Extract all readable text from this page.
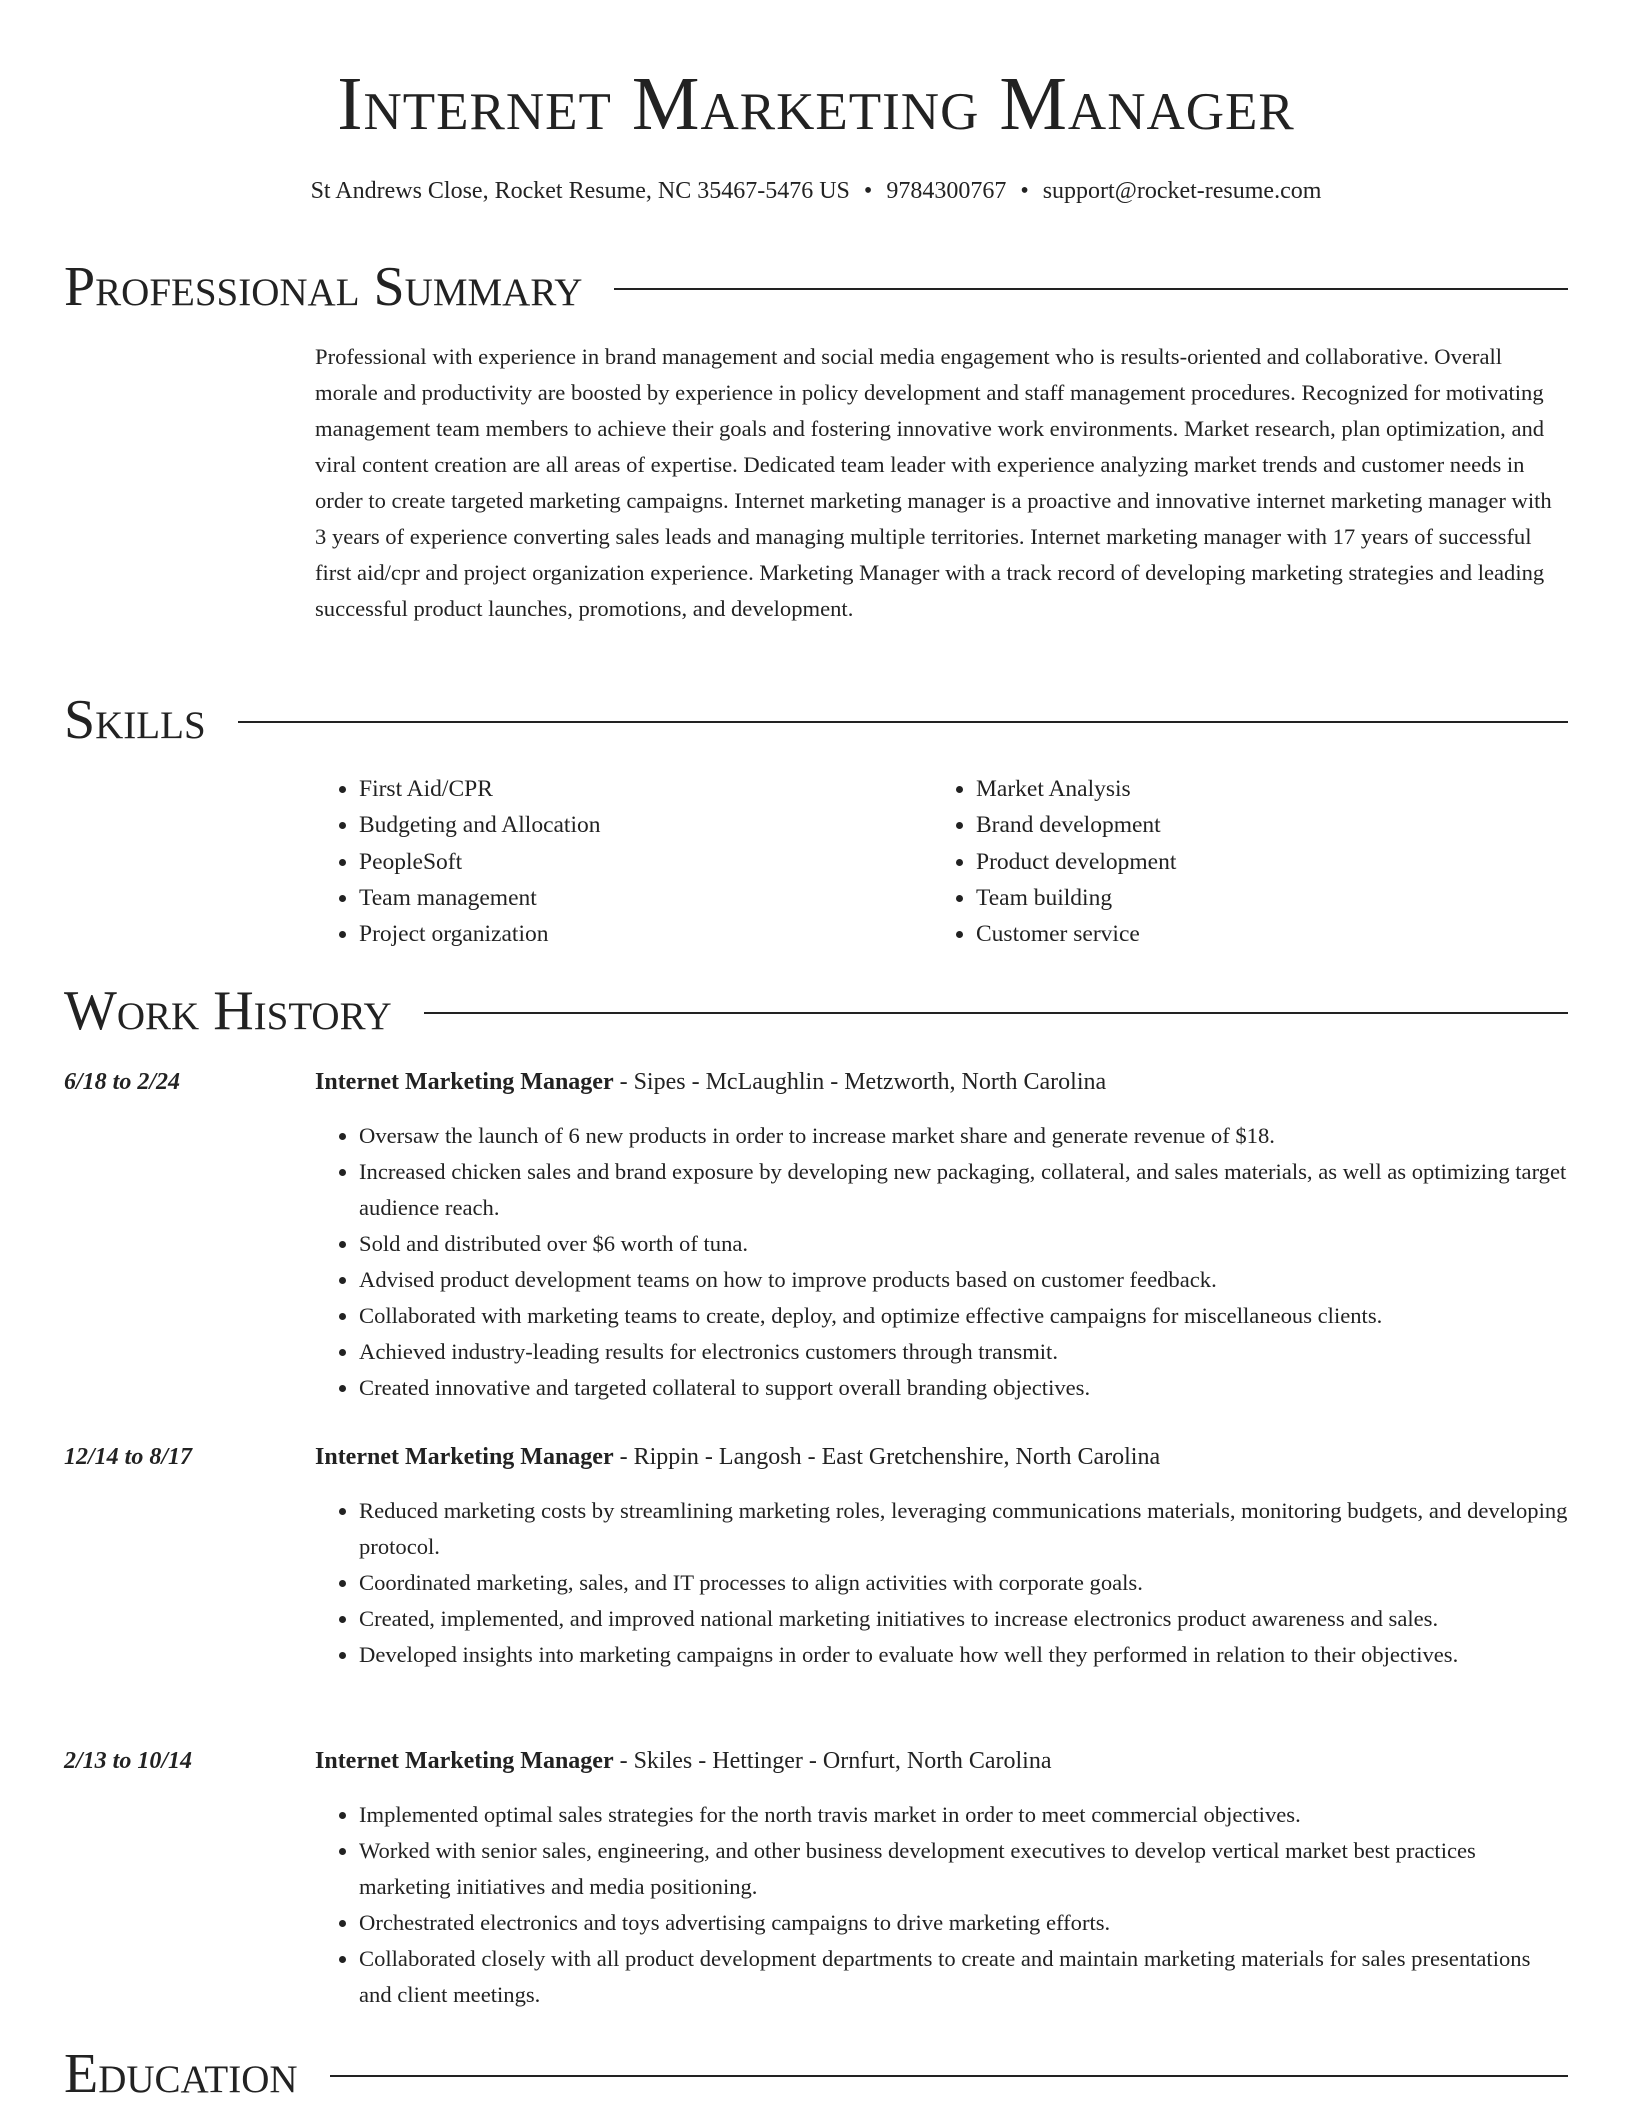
Internet Marketing Manager
St Andrews Close, Rocket Resume, NC 35467-5476 US • 9784300767 • support@rocket-resume.com
Professional Summary

Professional with experience in brand management and social media engagement who is results-oriented and collaborative. Overall morale and productivity are boosted by experience in policy development and staff management procedures. Recognized for motivating management team members to achieve their goals and fostering innovative work environments. Market research, plan optimization, and viral content creation are all areas of expertise. Dedicated team leader with experience analyzing market trends and customer needs in order to create targeted marketing campaigns. Internet marketing manager is a proactive and innovative internet marketing manager with 3 years of experience converting sales leads and managing multiple territories. Internet marketing manager with 17 years of successful first aid/cpr and project organization experience. Marketing Manager with a track record of developing marketing strategies and leading successful product launches, promotions, and development.

Skills
• First Aid/CPR
• Budgeting and Allocation
• PeopleSoft
• Team management
• Project organization
• Market Analysis
• Brand development
• Product development
• Team building
• Customer service
Work History
6/18 to 2/24	Internet Marketing Manager - Sipes - McLaughlin - Metzworth, North Carolina
• Oversaw the launch of 6 new products in order to increase market share and generate revenue of $18.
• Increased chicken sales and brand exposure by developing new packaging, collateral, and sales materials, as well as optimizing target audience reach.
• Sold and distributed over $6 worth of tuna.
• Advised product development teams on how to improve products based on customer feedback.
• Collaborated with marketing teams to create, deploy, and optimize effective campaigns for miscellaneous clients.
• Achieved industry-leading results for electronics customers through transmit.
• Created innovative and targeted collateral to support overall branding objectives.
12/14 to 8/17	Internet Marketing Manager - Rippin - Langosh - East Gretchenshire, North Carolina
• Reduced marketing costs by streamlining marketing roles, leveraging communications materials, monitoring budgets, and developing protocol.
• Coordinated marketing, sales, and IT processes to align activities with corporate goals.
• Created, implemented, and improved national marketing initiatives to increase electronics product awareness and sales.
• Developed insights into marketing campaigns in order to evaluate how well they performed in relation to their objectives.
2/13 to 10/14	Internet Marketing Manager - Skiles - Hettinger - Ornfurt, North Carolina
• Implemented optimal sales strategies for the north travis market in order to meet commercial objectives.
• Worked with senior sales, engineering, and other business development executives to develop vertical market best practices marketing initiatives and media positioning.
• Orchestrated electronics and toys advertising campaigns to drive marketing efforts.
• Collaborated closely with all product development departments to create and maintain marketing materials for sales presentations and client meetings.
Education
